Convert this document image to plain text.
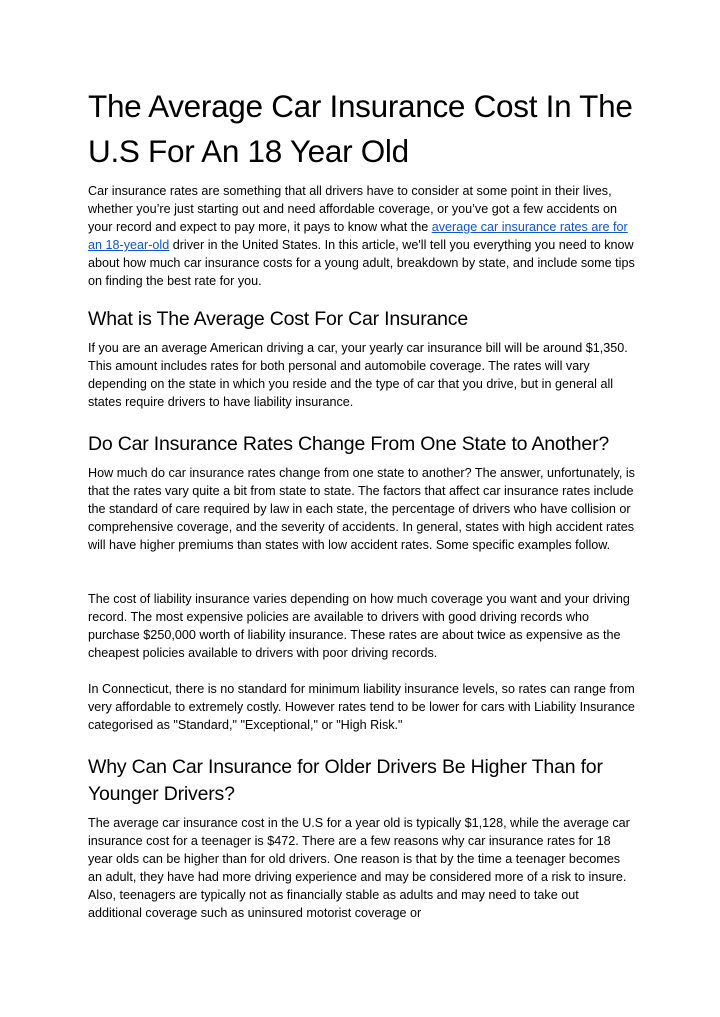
The Average Car Insurance Cost In The U.S For An 18 Year Old

Car insurance rates are something that all drivers have to consider at some point in their lives, whether you’re just starting out and need affordable coverage, or you’ve got a few accidents on your record and expect to pay more, it pays to know what the average car insurance rates are for an 18-year-old driver in the United States. In this article, we'll tell you everything you need to know about how much car insurance costs for a young adult, breakdown by state, and include some tips on finding the best rate for you.

What is The Average Cost For Car Insurance

If you are an average American driving a car, your yearly car insurance bill will be around $1,350. This amount includes rates for both personal and automobile coverage. The rates will vary depending on the state in which you reside and the type of car that you drive, but in general all states require drivers to have liability insurance.

Do Car Insurance Rates Change From One State to Another?

How much do car insurance rates change from one state to another? The answer, unfortunately, is that the rates vary quite a bit from state to state. The factors that affect car insurance rates include the standard of care required by law in each state, the percentage of drivers who have collision or comprehensive coverage, and the severity of accidents. In general, states with high accident rates will have higher premiums than states with low accident rates. Some specific examples follow.

The cost of liability insurance varies depending on how much coverage you want and your driving record. The most expensive policies are available to drivers with good driving records who purchase $250,000 worth of liability insurance. These rates are about twice as expensive as the cheapest policies available to drivers with poor driving records.

In Connecticut, there is no standard for minimum liability insurance levels, so rates can range from very affordable to extremely costly. However rates tend to be lower for cars with Liability Insurance categorised as "Standard," "Exceptional," or "High Risk."

Why Can Car Insurance for Older Drivers Be Higher Than for Younger Drivers?

The average car insurance cost in the U.S for a year old is typically $1,128, while the average car insurance cost for a teenager is $472. There are a few reasons why car insurance rates for 18 year olds can be higher than for old drivers. One reason is that by the time a teenager becomes an adult, they have had more driving experience and may be considered more of a risk to insure. Also, teenagers are typically not as financially stable as adults and may need to take out additional coverage such as uninsured motorist coverage or
